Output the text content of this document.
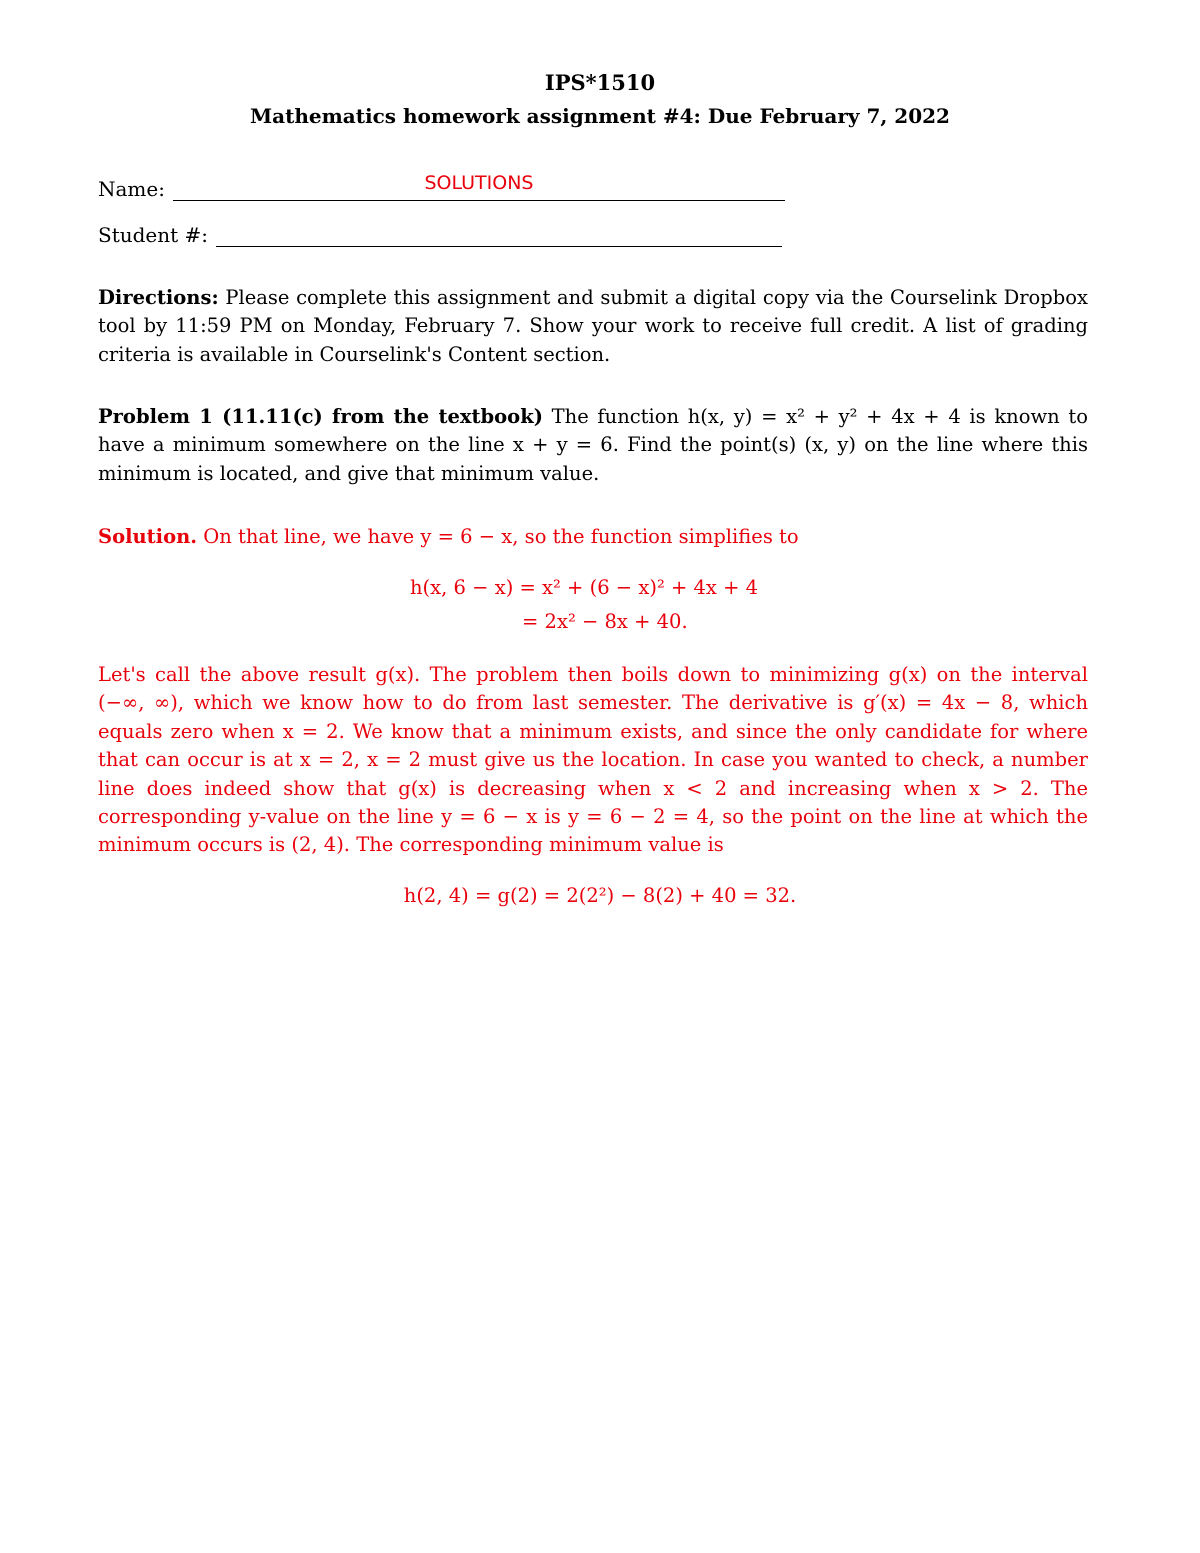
IPS*1510
Mathematics homework assignment #4: Due February 7, 2022
Name:	SOLUTIONS
Student #:
Directions: Please complete this assignment and submit a digital copy via the Courselink Dropbox tool by 11:59 PM on Monday, February 7. Show your work to receive full credit. A list of grading criteria is available in Courselink's Content section.
Problem 1 (11.11(c) from the textbook) The function h(x, y) = x² + y² + 4x + 4 is known to have a minimum somewhere on the line x + y = 6. Find the point(s) (x, y) on the line where this minimum is located, and give that minimum value.
Solution. On that line, we have y = 6 − x, so the function simplifies to
h(x, 6 − x) = x² + (6 − x)² + 4x + 4
= 2x² − 8x + 40.
Let's call the above result g(x). The problem then boils down to minimizing g(x) on the interval (−∞, ∞), which we know how to do from last semester. The derivative is g′(x) = 4x − 8, which equals zero when x = 2. We know that a minimum exists, and since the only candidate for where that can occur is at x = 2, x = 2 must give us the location. In case you wanted to check, a number line does indeed show that g(x) is decreasing when x < 2 and increasing when x > 2. The corresponding y-value on the line y = 6 − x is y = 6 − 2 = 4, so the point on the line at which the minimum occurs is (2, 4). The corresponding minimum value is
h(2, 4) = g(2) = 2(2²) − 8(2) + 40 = 32.
